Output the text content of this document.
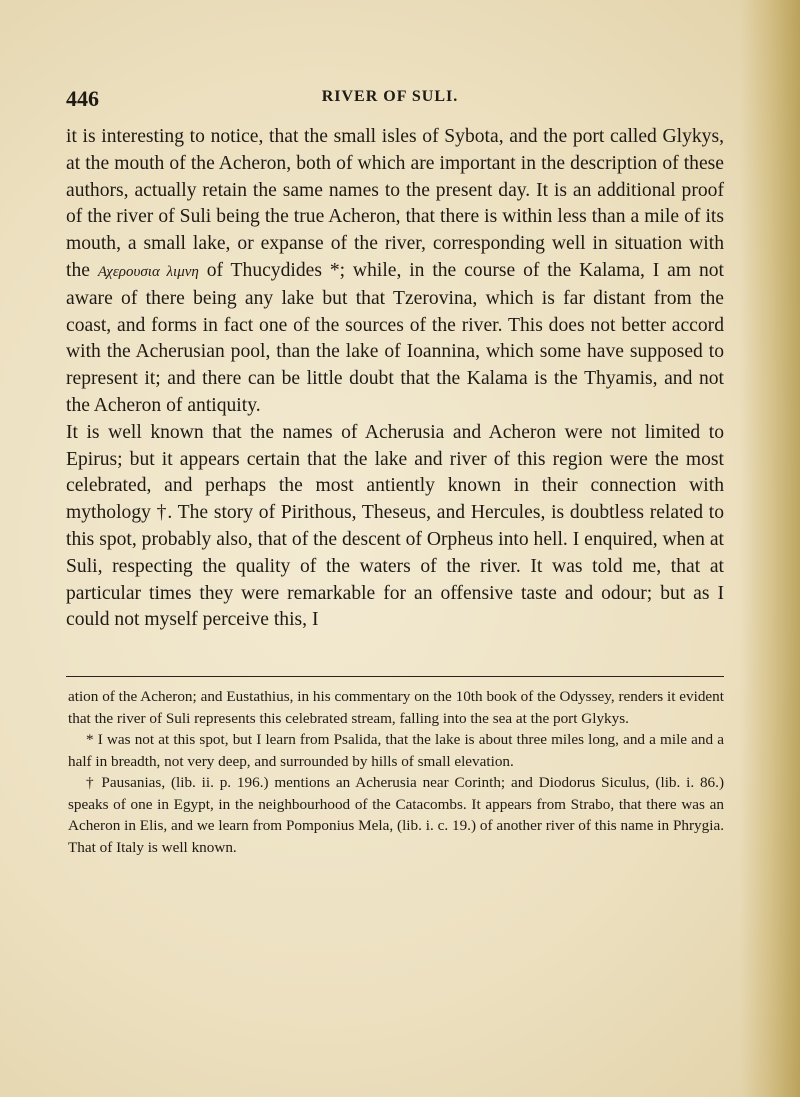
446	RIVER OF SULI.

it is interesting to notice, that the small isles of Sybota, and the port called Glykys, at the mouth of the Acheron, both of which are important in the description of these authors, actually retain the same names to the present day. It is an additional proof of the river of Suli being the true Acheron, that there is within less than a mile of its mouth, a small lake, or expanse of the river, corresponding well in situation with the Αχερουσια λιμνη of Thucydides *; while, in the course of the Kalama, I am not aware of there being any lake but that Tzerovina, which is far distant from the coast, and forms in fact one of the sources of the river. This does not better accord with the Acherusian pool, than the lake of Ioannina, which some have supposed to represent it; and there can be little doubt that the Kalama is the Thyamis, and not the Acheron of antiquity.

It is well known that the names of Acherusia and Acheron were not limited to Epirus; but it appears certain that the lake and river of this region were the most celebrated, and perhaps the most antiently known in their connection with mythology †. The story of Pirithous, Theseus, and Hercules, is doubtless related to this spot, probably also, that of the descent of Orpheus into hell. I enquired, when at Suli, respecting the quality of the waters of the river. It was told me, that at particular times they were remarkable for an offensive taste and odour; but as I could not myself perceive this, I

ation of the Acheron; and Eustathius, in his commentary on the 10th book of the Odyssey, renders it evident that the river of Suli represents this celebrated stream, falling into the sea at the port Glykys.

* I was not at this spot, but I learn from Psalida, that the lake is about three miles long, and a mile and a half in breadth, not very deep, and surrounded by hills of small elevation.

† Pausanias, (lib. ii. p. 196.) mentions an Acherusia near Corinth; and Diodorus Siculus, (lib. i. 86.) speaks of one in Egypt, in the neighbourhood of the Catacombs. It appears from Strabo, that there was an Acheron in Elis, and we learn from Pomponius Mela, (lib. i. c. 19.) of another river of this name in Phrygia. That of Italy is well known.
